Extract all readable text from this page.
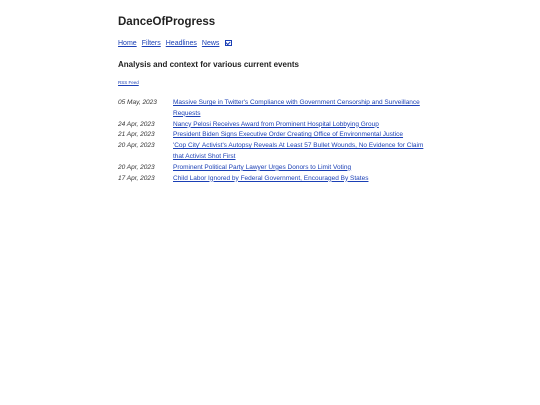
DanceOfProgress
Home Filters Headlines News
Analysis and context for various current events
RSS Feed
05 May, 2023	Massive Surge in Twitter's Compliance with Government Censorship and Surveillance Requests
24 Apr, 2023	Nancy Pelosi Receives Award from Prominent Hospital Lobbying Group
21 Apr, 2023	President Biden Signs Executive Order Creating Office of Environmental Justice
20 Apr, 2023	'Cop City' Activist's Autopsy Reveals At Least 57 Bullet Wounds, No Evidence for Claim that Activist Shot First
20 Apr, 2023	Prominent Political Party Lawyer Urges Donors to Limit Voting
17 Apr, 2023	Child Labor Ignored by Federal Government, Encouraged By States
